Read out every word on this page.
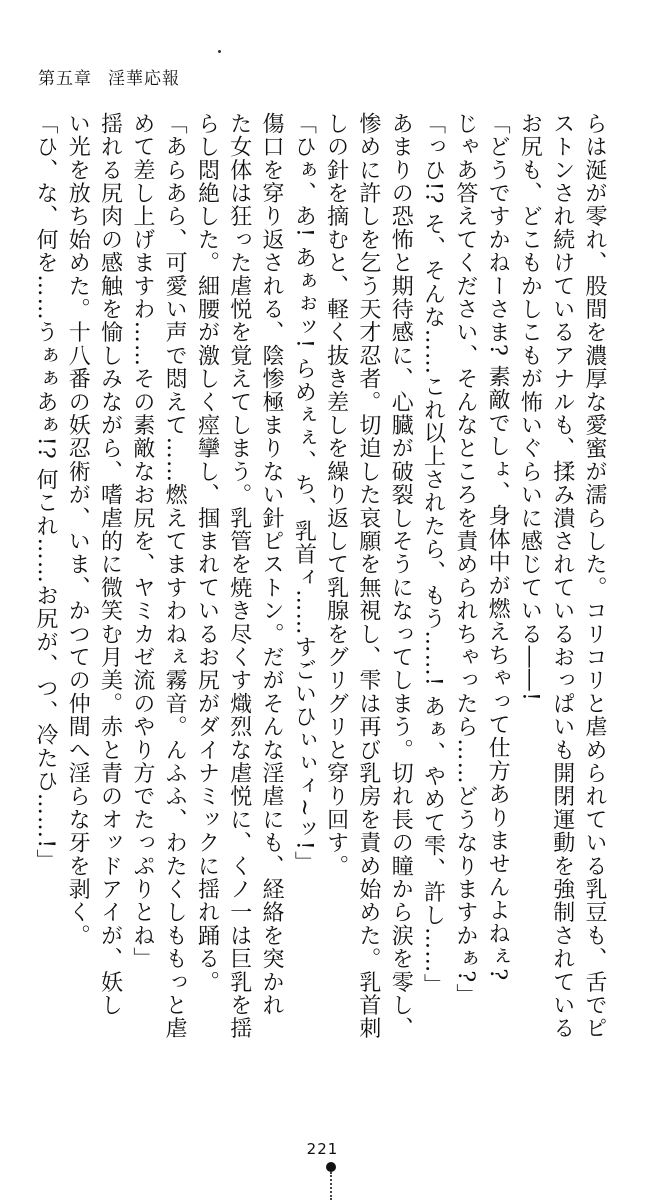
第五章 淫華応報
らは涎が零れ、股間を濃厚な愛蜜が濡らした。コリコリと虐められている乳豆も、舌でピ
ストンされ続けているアナルも、揉み潰されているおっぱいも開閉運動を強制されている
お尻も、どこもかしこもが怖いぐらいに感じている――!
「どうですかねーさま? 素敵でしょ、身体中が燃えちゃって仕方ありませんよねぇ?
じゃあ答えてください、そんなところを責められちゃったら……どうなりますかぁ?」
「っひ!? そ、そんな……これ以上されたら、もう……! あぁ、やめて雫、許し……」
あまりの恐怖と期待感に、心臓が破裂しそうになってしまう。切れ長の瞳から涙を零し、
惨めに許しを乞う天才忍者。切迫した哀願を無視し、雫は再び乳房を責め始めた。乳首刺
しの針を摘むと、軽く抜き差しを繰り返して乳腺をグリグリと穿り回す。
「ひぁ、あ! あぁぉッ! らめぇぇ、ち、乳首ィ……すごいひぃぃィ~ッ!」
傷口を穿り返される、陰惨極まりない針ピストン。だがそんな淫虐にも、経絡を突かれ
た女体は狂った虐悦を覚えてしまう。乳管を焼き尽くす熾烈な虐悦に、くノ一は巨乳を揺
らし悶絶した。細腰が激しく痙攣し、掴まれているお尻がダイナミックに揺れ踊る。
「あらあら、可愛い声で悶えて……燃えてますわねぇ霧音。んふふ、わたくしももっと虐
めて差し上げますわ……その素敵なお尻を、ヤミカゼ流のやり方でたっぷりとね」
揺れる尻肉の感触を愉しみながら、嗜虐的に微笑む月美。赤と青のオッドアイが、妖し
い光を放ち始めた。十八番の妖忍術が、いま、かつての仲間へ淫らな牙を剥く。
「ひ、な、何を……うぁぁあぁ!? 何これ……お尻が、つ、冷たひ……!」
221
